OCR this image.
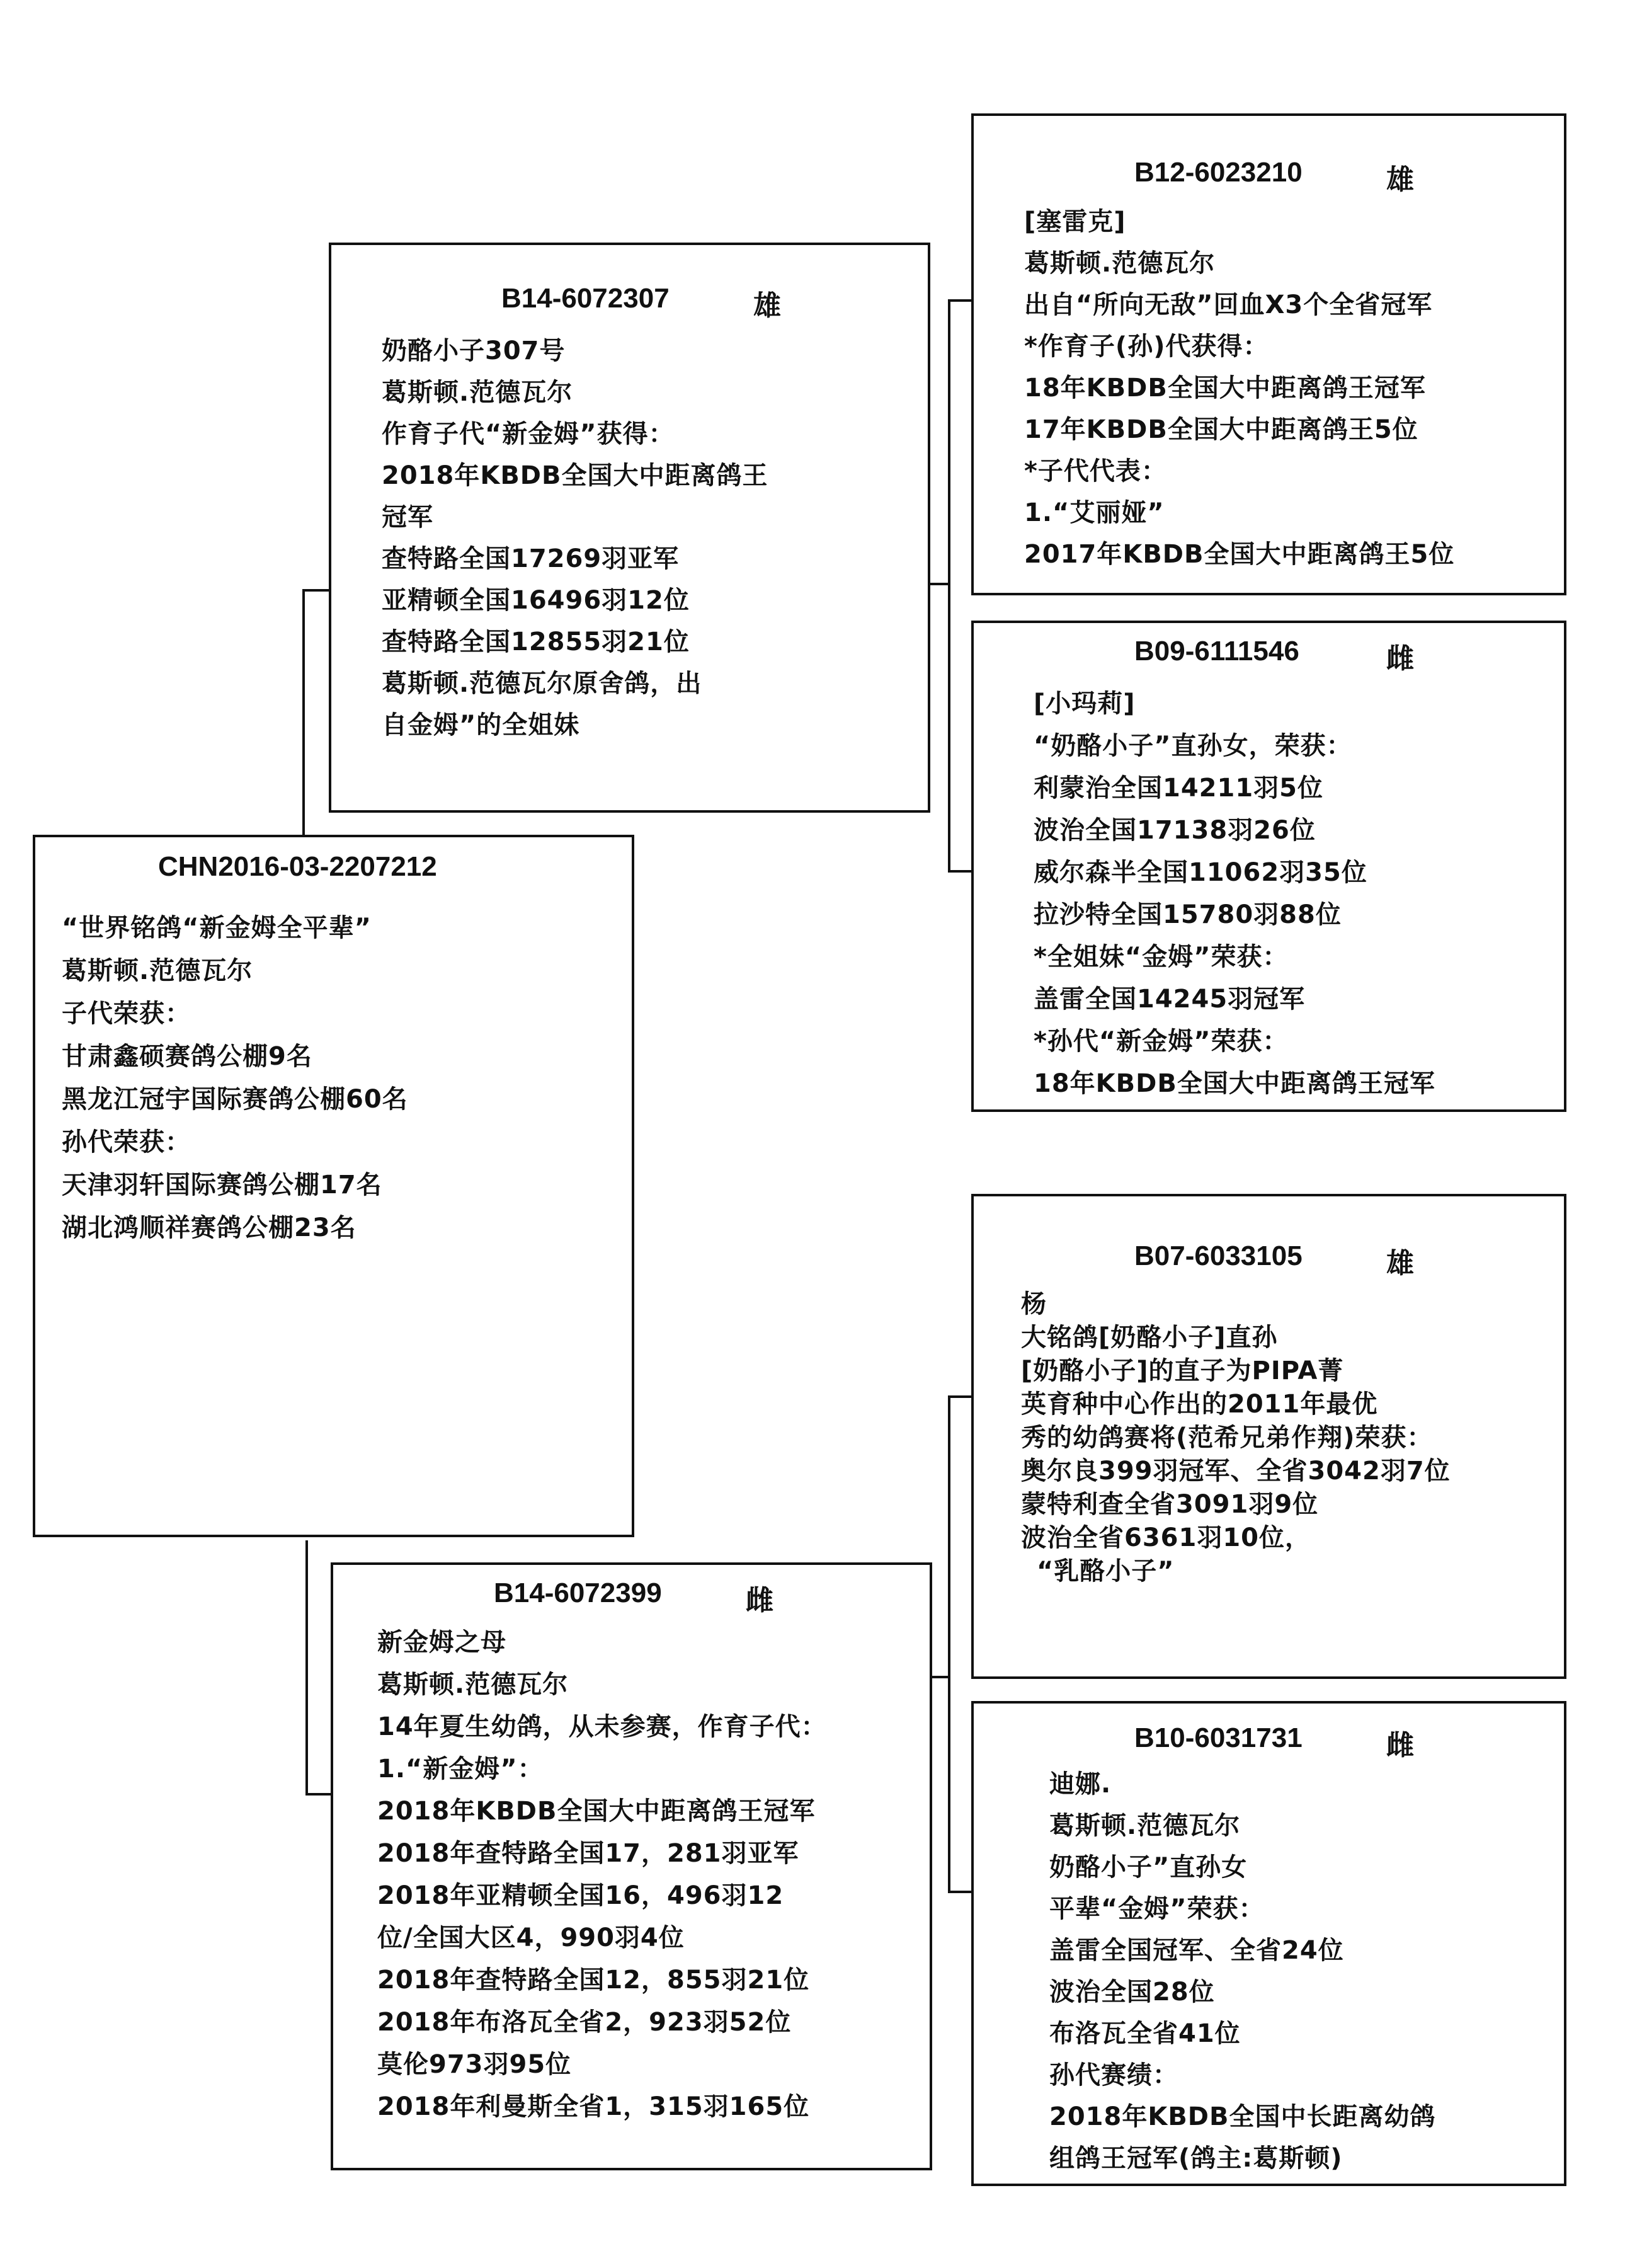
CHN2016-03-2207212
“世界铭鸽“新金姆全平辈”
葛斯顿.范德瓦尔
子代荣获：
甘肃鑫硕赛鸽公棚9名
黑龙江冠宇国际赛鸽公棚60名
孙代荣获：
天津羽轩国际赛鸽公棚17名
湖北鸿顺祥赛鸽公棚23名
B14-6072307	雄
奶酪小子307号
葛斯顿.范德瓦尔
作育子代“新金姆”获得：
2018年KBDB全国大中距离鸽王
冠军
查特路全国17269羽亚军
亚精顿全国16496羽12位
查特路全国12855羽21位
葛斯顿.范德瓦尔原舍鸽，出
自金姆”的全姐妹
B14-6072399	雌
新金姆之母
葛斯顿.范德瓦尔
14年夏生幼鸽，从未参赛，作育子代：
1.“新金姆”：
2018年KBDB全国大中距离鸽王冠军
2018年查特路全国17，281羽亚军
2018年亚精顿全国16，496羽12
位/全国大区4，990羽4位
2018年查特路全国12，855羽21位
2018年布洛瓦全省2，923羽52位
莫伦973羽95位
2018年利曼斯全省1，315羽165位
B12-6023210	雄
[塞雷克]
葛斯顿.范德瓦尔
出自“所向无敌”回血X3个全省冠军
*作育子(孙)代获得：
18年KBDB全国大中距离鸽王冠军
17年KBDB全国大中距离鸽王5位
*子代代表：
1.“艾丽娅”
2017年KBDB全国大中距离鸽王5位
B09-6111546	雌
[小玛莉]
“奶酪小子”直孙女，荣获：
利蒙治全国14211羽5位
波治全国17138羽26位
威尔森半全国11062羽35位
拉沙特全国15780羽88位
*全姐妹“金姆”荣获：
盖雷全国14245羽冠军
*孙代“新金姆”荣获：
18年KBDB全国大中距离鸽王冠军
B07-6033105	雄
杨
大铭鸽[奶酪小子]直孙
[奶酪小子]的直子为PIPA菁
英育种中心作出的2011年最优
秀的幼鸽赛将(范希兄弟作翔)荣获：
奥尔良399羽冠军、全省3042羽7位
蒙特利查全省3091羽9位
波治全省6361羽10位，
“乳酪小子”
B10-6031731	雌
迪娜.
葛斯顿.范德瓦尔
奶酪小子”直孙女
平辈“金姆”荣获：
盖雷全国冠军、全省24位
波治全国28位
布洛瓦全省41位
孙代赛绩：
2018年KBDB全国中长距离幼鸽
组鸽王冠军(鸽主:葛斯顿)
